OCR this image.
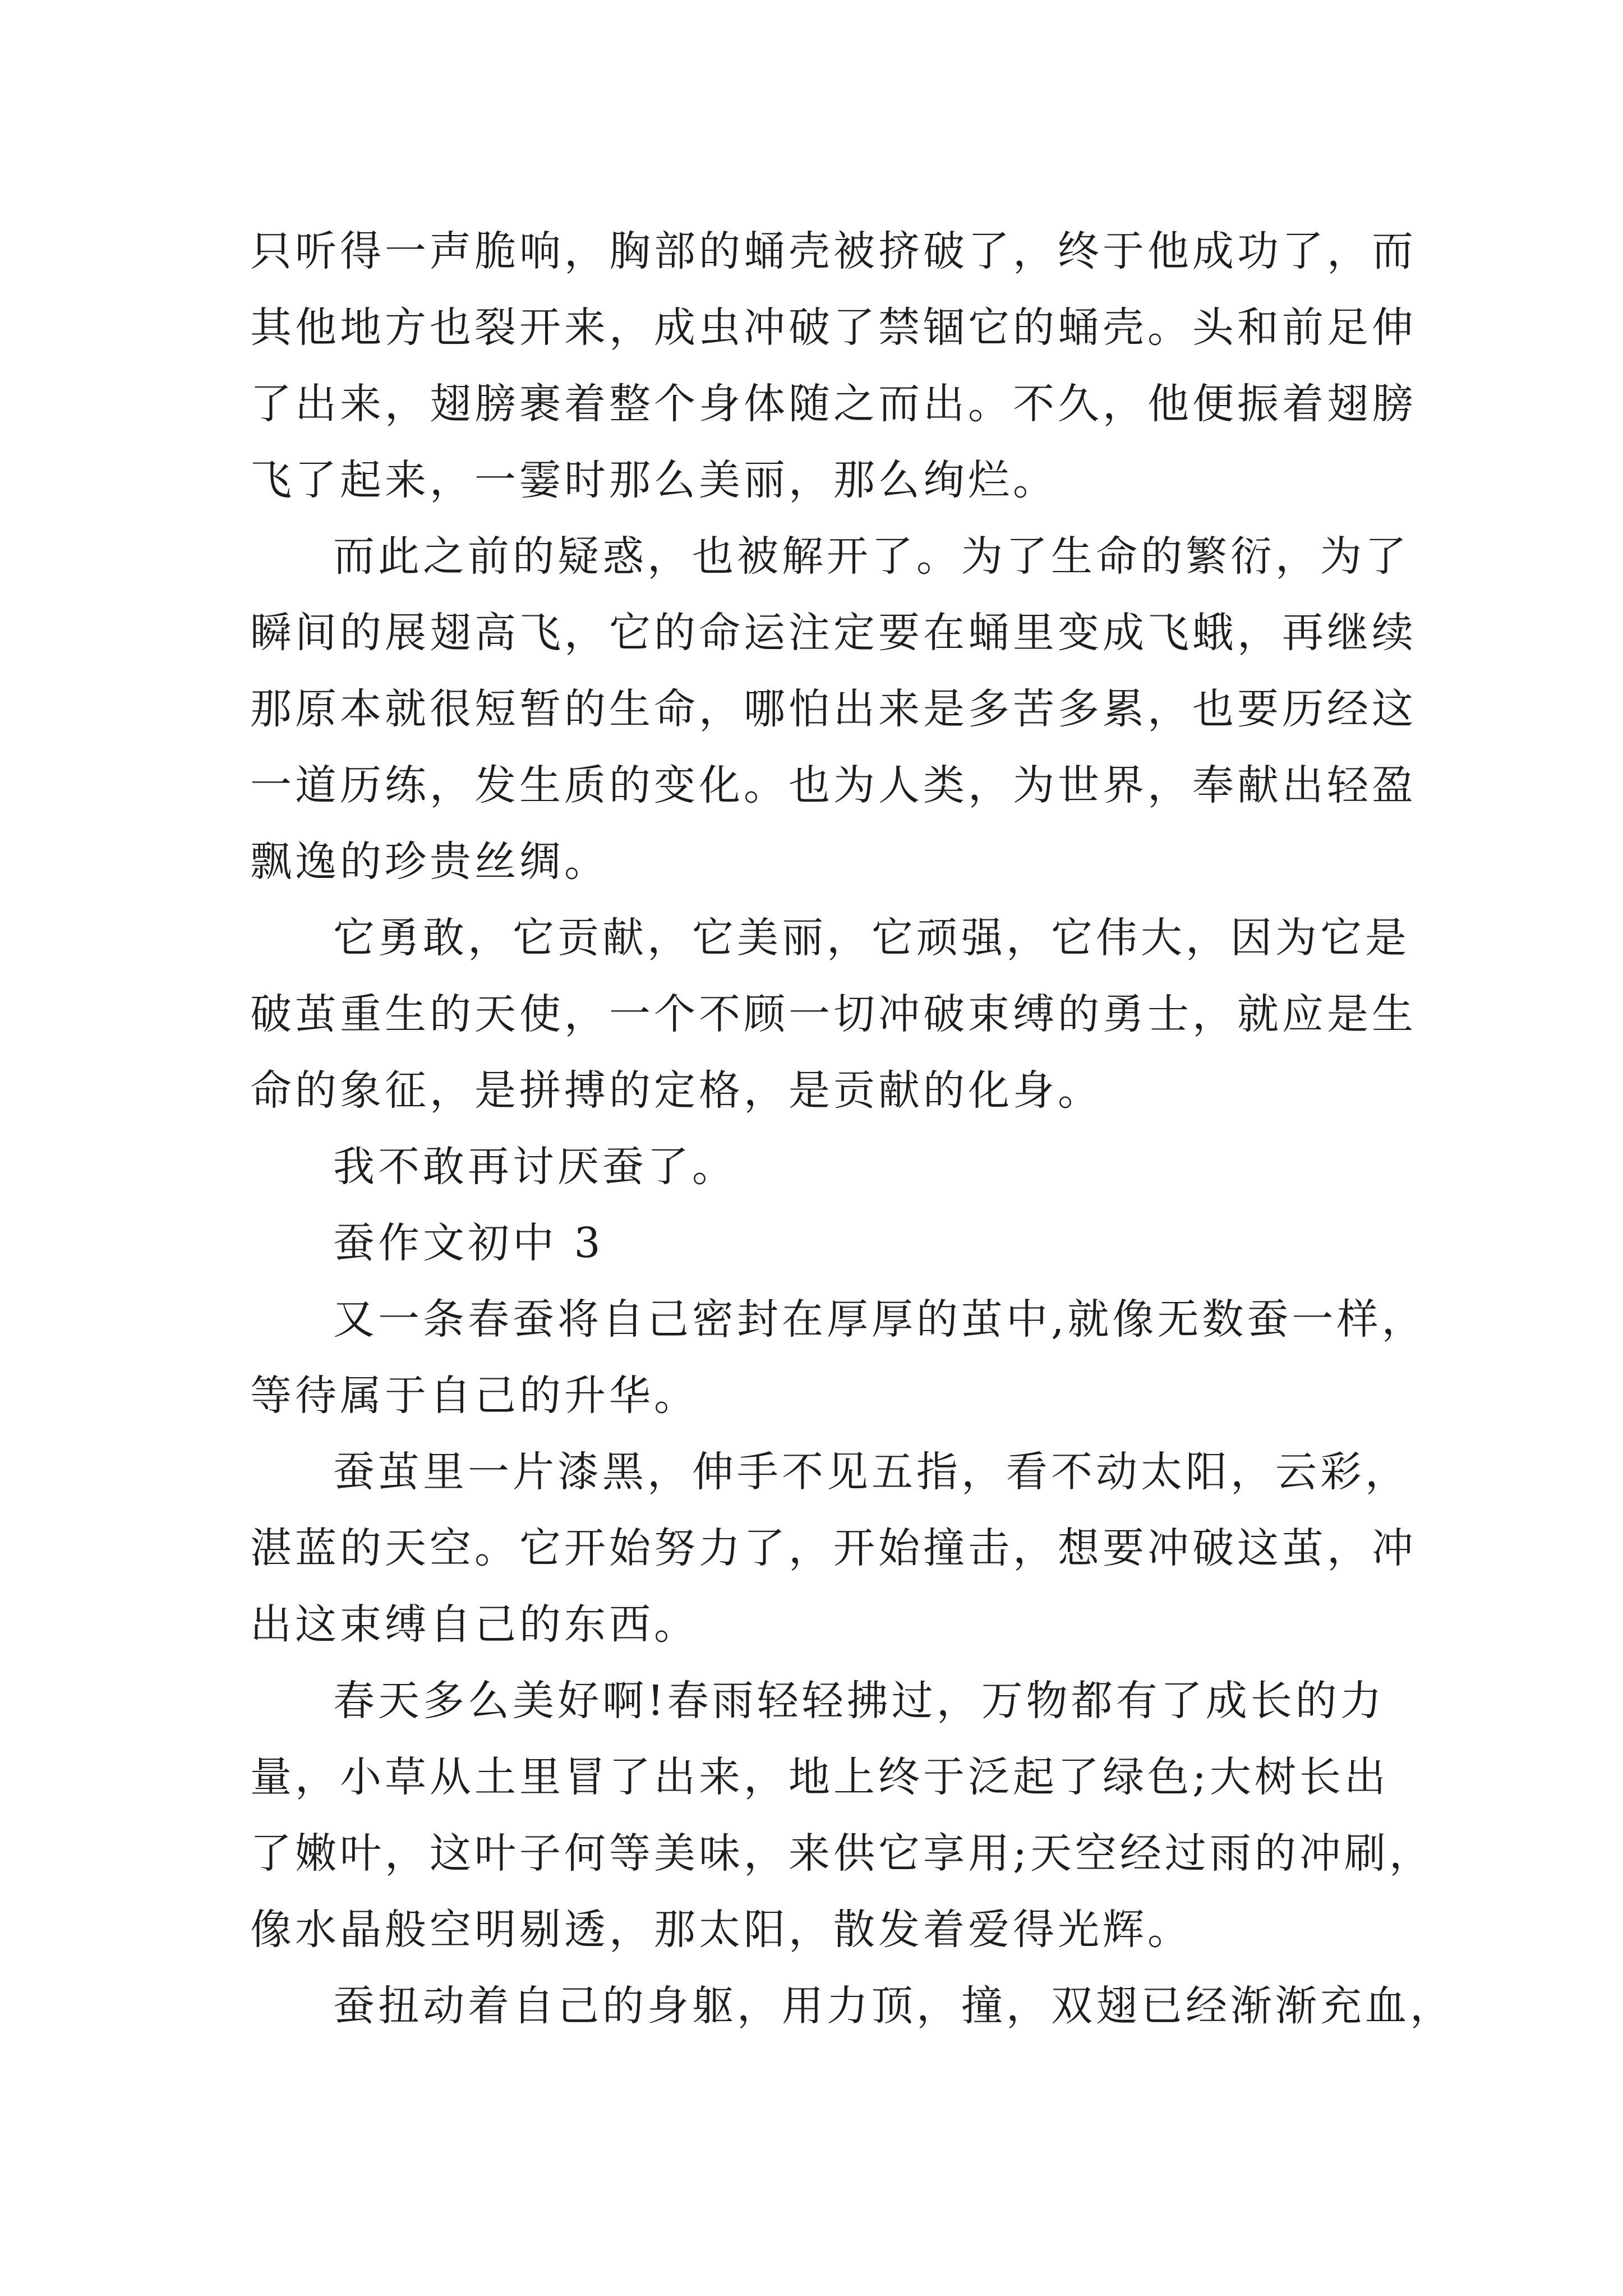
只听得一声脆响，胸部的蛹壳被挤破了，终于他成功了，而
其他地方也裂开来，成虫冲破了禁锢它的蛹壳。头和前足伸
了出来，翅膀裹着整个身体随之而出。不久，他便振着翅膀
飞了起来，一霎时那么美丽，那么绚烂。
而此之前的疑惑，也被解开了。为了生命的繁衍，为了
瞬间的展翅高飞，它的命运注定要在蛹里变成飞蛾，再继续
那原本就很短暂的生命，哪怕出来是多苦多累，也要历经这
一道历练，发生质的变化。也为人类，为世界，奉献出轻盈
飘逸的珍贵丝绸。
它勇敢，它贡献，它美丽，它顽强，它伟大，因为它是
破茧重生的天使，一个不顾一切冲破束缚的勇士，就应是生
命的象征，是拼搏的定格，是贡献的化身。
我不敢再讨厌蚕了。
蚕作文初中 3
又一条春蚕将自己密封在厚厚的茧中,就像无数蚕一样，
等待属于自己的升华。
蚕茧里一片漆黑，伸手不见五指，看不动太阳，云彩，
湛蓝的天空。它开始努力了，开始撞击，想要冲破这茧，冲
出这束缚自己的东西。
春天多么美好啊!春雨轻轻拂过，万物都有了成长的力
量，小草从土里冒了出来，地上终于泛起了绿色;大树长出
了嫩叶，这叶子何等美味，来供它享用;天空经过雨的冲刷，
像水晶般空明剔透，那太阳，散发着爱得光辉。
蚕扭动着自己的身躯，用力顶，撞，双翅已经渐渐充血，
